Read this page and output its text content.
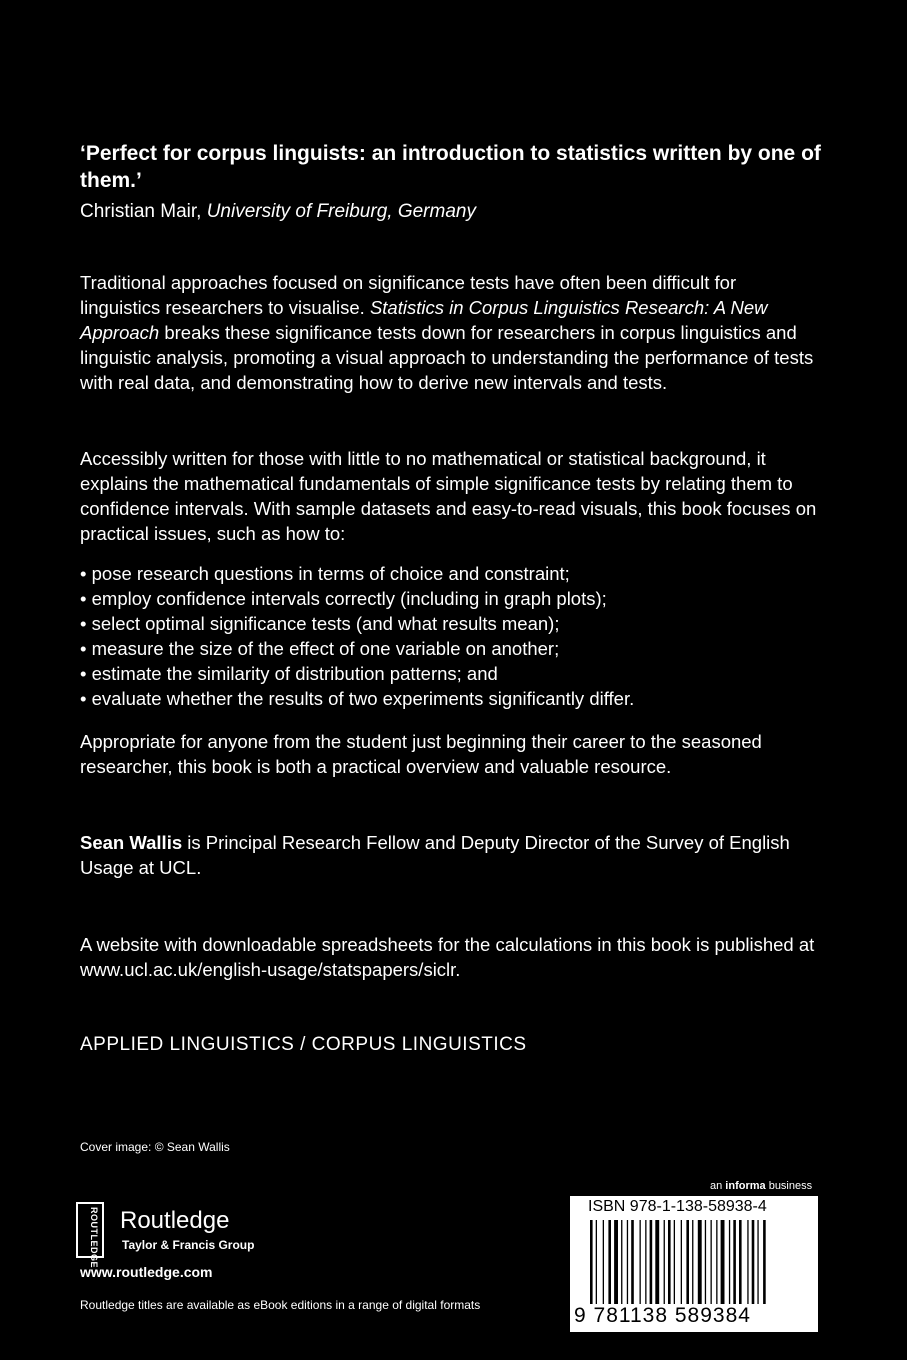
‘Perfect for corpus linguists: an introduction to statistics written by one of them.’
Christian Mair, University of Freiburg, Germany
Traditional approaches focused on significance tests have often been difficult for linguistics researchers to visualise. Statistics in Corpus Linguistics Research: A New Approach breaks these significance tests down for researchers in corpus linguistics and linguistic analysis, promoting a visual approach to understanding the performance of tests with real data, and demonstrating how to derive new intervals and tests.
Accessibly written for those with little to no mathematical or statistical background, it explains the mathematical fundamentals of simple significance tests by relating them to confidence intervals. With sample datasets and easy-to-read visuals, this book focuses on practical issues, such as how to:
• pose research questions in terms of choice and constraint;
• employ confidence intervals correctly (including in graph plots);
• select optimal significance tests (and what results mean);
• measure the size of the effect of one variable on another;
• estimate the similarity of distribution patterns; and
• evaluate whether the results of two experiments significantly differ.
Appropriate for anyone from the student just beginning their career to the seasoned researcher, this book is both a practical overview and valuable resource.
Sean Wallis is Principal Research Fellow and Deputy Director of the Survey of English Usage at UCL.
A website with downloadable spreadsheets for the calculations in this book is published at www.ucl.ac.uk/english-usage/statspapers/siclr.
APPLIED LINGUISTICS / CORPUS LINGUISTICS
Cover image: © Sean Wallis
ROUTLEDGE Routledge
Taylor & Francis Group
www.routledge.com
Routledge titles are available as eBook editions in a range of digital formats
an informa business
ISBN 978-1-138-58938-4
9 781138 589384
